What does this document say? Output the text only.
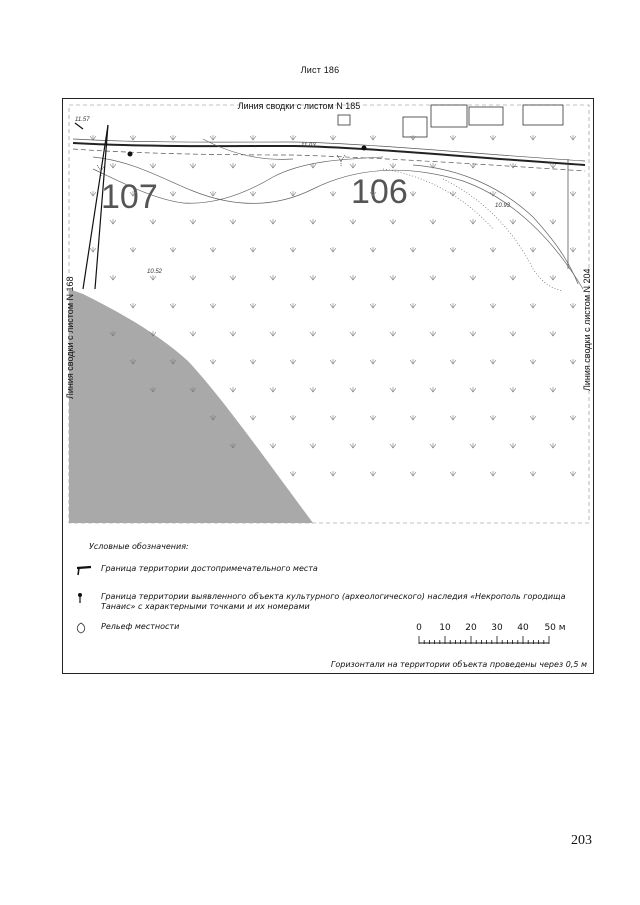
Лист 186
107	106
11.57
11.03
10.93
10.52
Линия сводки с листом N 185
Линия сводки с листом N 168	Линия сводки с листом N 204
Условные обозначения:
Граница территории достопримечательного места
Граница территории выявленного объекта культурного (археологического) наследия «Некрополь городища Танаис» с характерными точками и их номерами
Рельеф местности	0 10 20 30 40 50 м
Горизонтали на территории объекта проведены через 0,5 м
203
